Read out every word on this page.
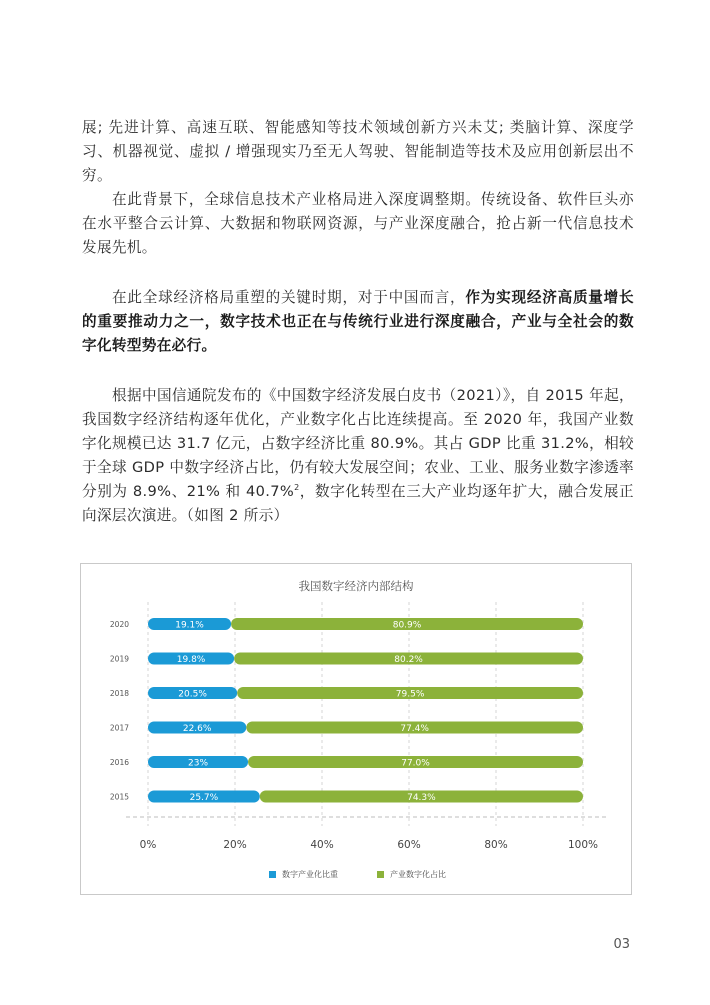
展; 先进计算、高速互联、智能感知等技术领域创新方兴未艾; 类脑计算、深度学习、机器视觉、虚拟 / 增强现实乃至无人驾驶、智能制造等技术及应用创新层出不穷。

在此背景下，全球信息技术产业格局进入深度调整期。传统设备、软件巨头亦在水平整合云计算、大数据和物联网资源，与产业深度融合，抢占新一代信息技术发展先机。

在此全球经济格局重塑的关键时期，对于中国而言，作为实现经济高质量增长的重要推动力之一，数字技术也正在与传统行业进行深度融合，产业与全社会的数字化转型势在必行。

根据中国信通院发布的《中国数字经济发展白皮书（2021）》，自 2015 年起，我国数字经济结构逐年优化，产业数字化占比连续提高。至 2020 年，我国产业数字化规模已达 31.7 亿元，占数字经济比重 80.9%。其占 GDP 比重 31.2%，相较于全球 GDP 中数字经济占比，仍有较大发展空间；农业、工业、服务业数字渗透率分别为 8.9%、21% 和 40.7%$^2$，数字化转型在三大产业均逐年扩大，融合发展正向深层次演进。（如图 2 所示）

我国数字经济内部结构
0%	20%	40%	60%	80%	100%
2020	19.1%	80.9%
2019	19.8%	80.2%
2018	20.5%	79.5%
2017	22.6%	77.4%
2016	23%	77.0%
2015	25.7%	74.3%
数字产业化比重	产业数字化占比
03
